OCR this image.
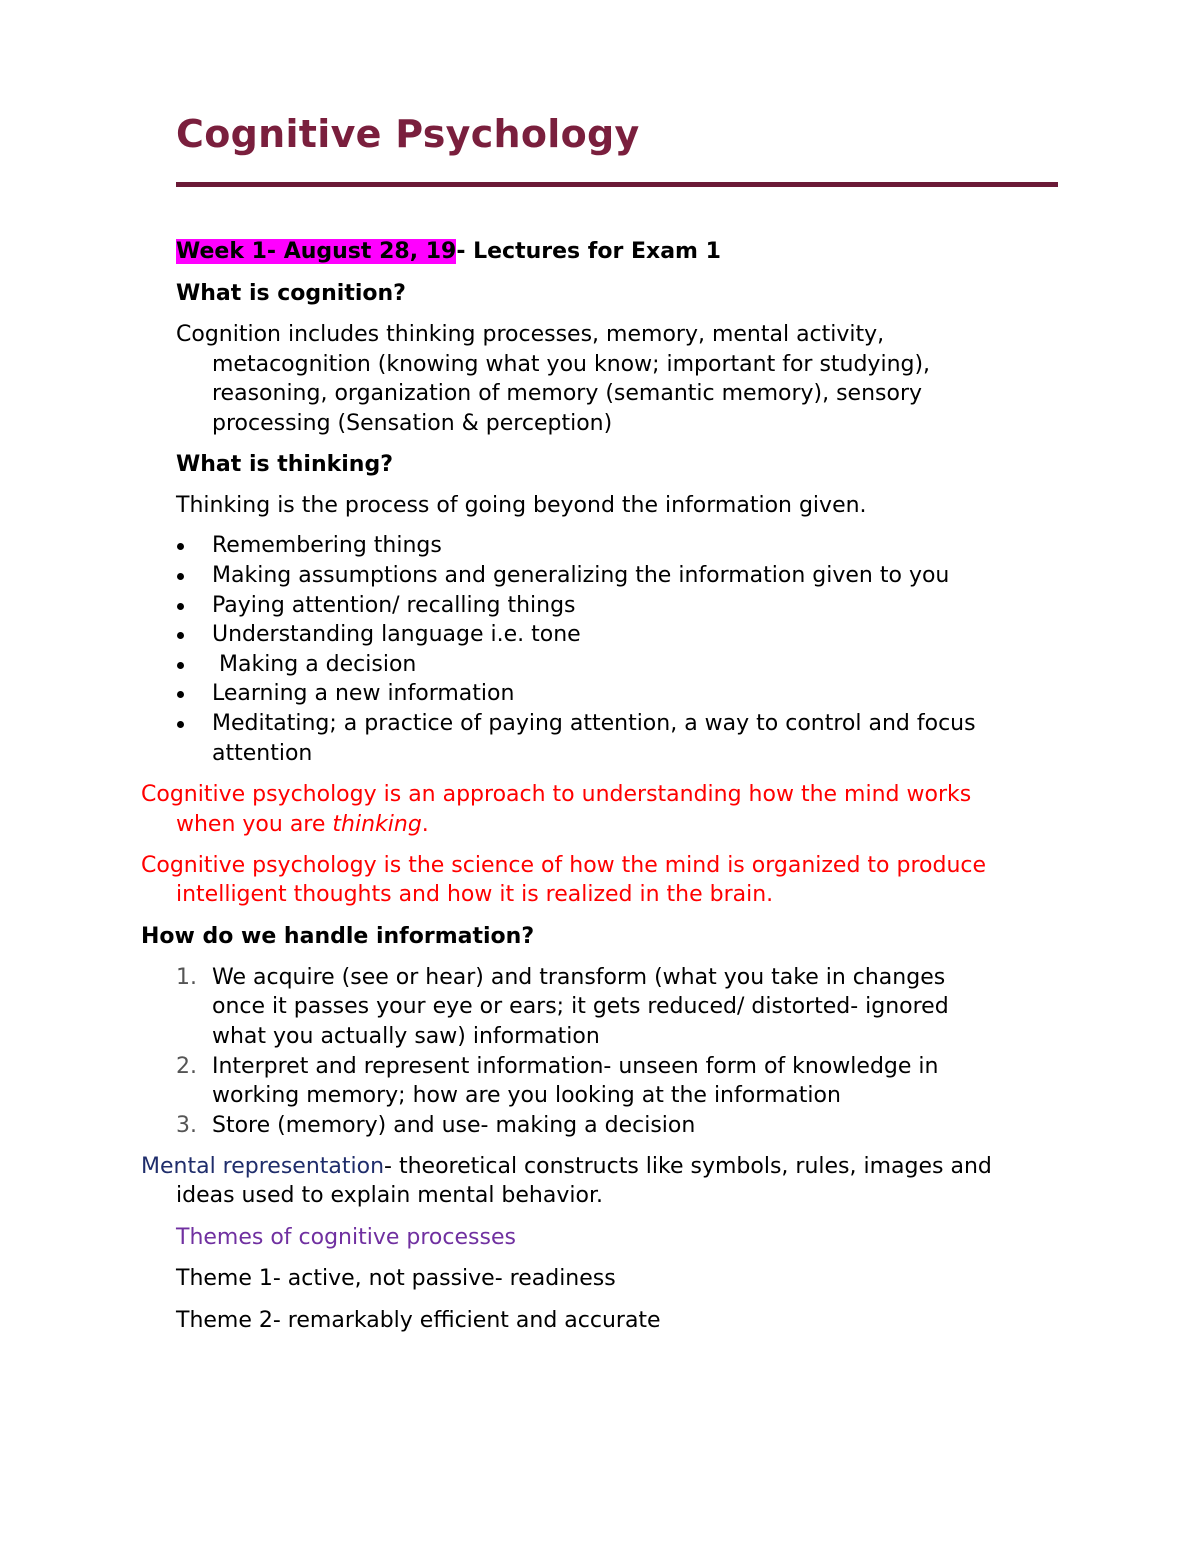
Cognitive Psychology
Week 1- August 28, 19- Lectures for Exam 1
What is cognition?
Cognition includes thinking processes, memory, mental activity,
metacognition (knowing what you know; important for studying),
reasoning, organization of memory (semantic memory), sensory
processing (Sensation & perception)
What is thinking?
Thinking is the process of going beyond the information given.
Remembering things
Making assumptions and generalizing the information given to you
Paying attention/ recalling things
Understanding language i.e. tone
Making a decision
Learning a new information
Meditating; a practice of paying attention, a way to control and focus
attention
Cognitive psychology is an approach to understanding how the mind works
when you are thinking.
Cognitive psychology is the science of how the mind is organized to produce
intelligent thoughts and how it is realized in the brain.
How do we handle information?
1. We acquire (see or hear) and transform (what you take in changes
once it passes your eye or ears; it gets reduced/ distorted- ignored
what you actually saw) information
2. Interpret and represent information- unseen form of knowledge in
working memory; how are you looking at the information
3. Store (memory) and use- making a decision
Mental representation- theoretical constructs like symbols, rules, images and
ideas used to explain mental behavior.
Themes of cognitive processes
Theme 1- active, not passive- readiness
Theme 2- remarkably efficient and accurate
